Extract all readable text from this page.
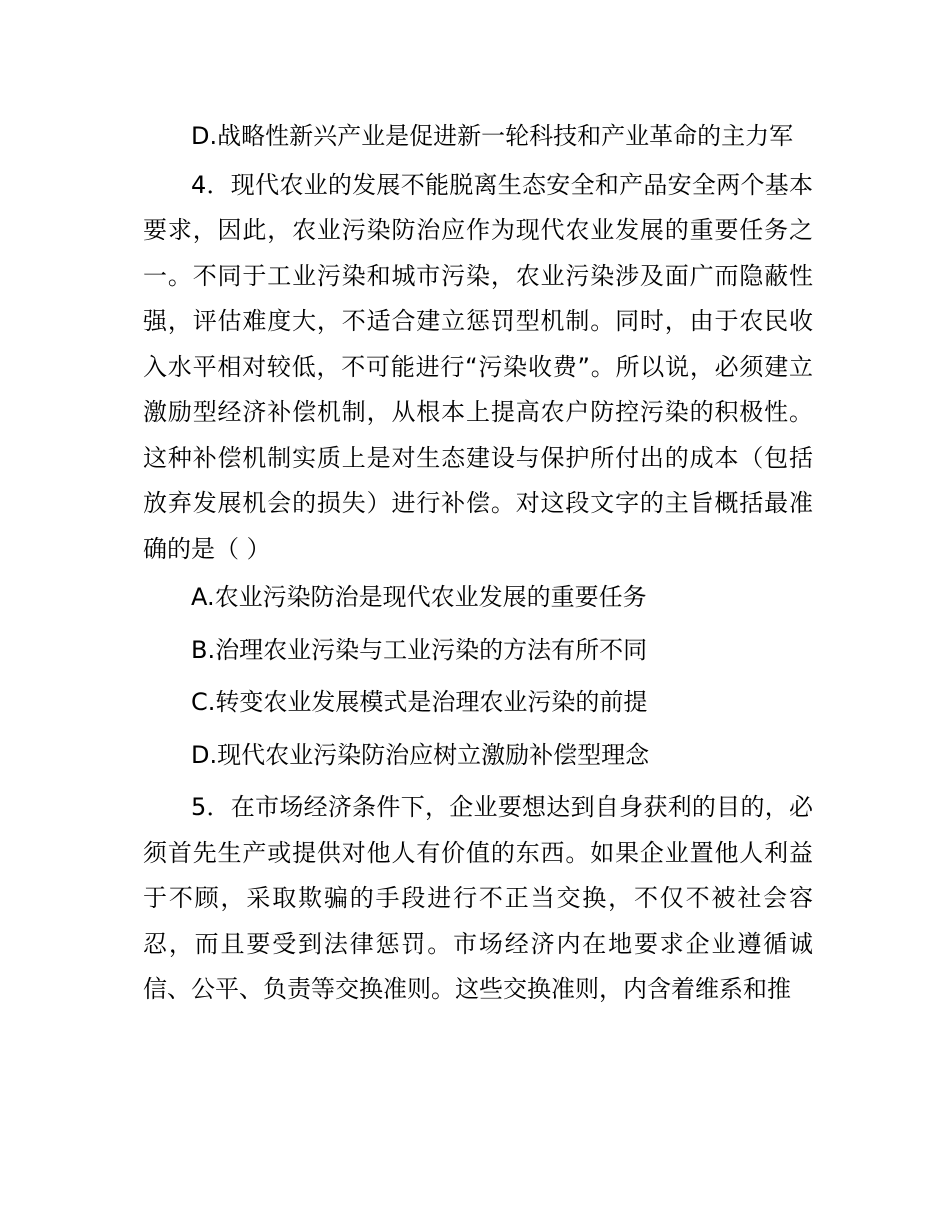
D.战略性新兴产业是促进新一轮科技和产业革命的主力军

4．现代农业的发展不能脱离生态安全和产品安全两个基本要求，因此，农业污染防治应作为现代农业发展的重要任务之一。不同于工业污染和城市污染，农业污染涉及面广而隐蔽性强，评估难度大，不适合建立惩罚型机制。同时，由于农民收入水平相对较低，不可能进行“污染收费”。所以说，必须建立激励型经济补偿机制，从根本上提高农户防控污染的积极性。这种补偿机制实质上是对生态建设与保护所付出的成本（包括放弃发展机会的损失）进行补偿。对这段文字的主旨概括最准确的是（ ）

A.农业污染防治是现代农业发展的重要任务

B.治理农业污染与工业污染的方法有所不同

C.转变农业发展模式是治理农业污染的前提

D.现代农业污染防治应树立激励补偿型理念

5．在市场经济条件下，企业要想达到自身获利的目的，必须首先生产或提供对他人有价值的东西。如果企业置他人利益于不顾，采取欺骗的手段进行不正当交换，不仅不被社会容忍，而且要受到法律惩罚。市场经济内在地要求企业遵循诚信、公平、负责等交换准则。这些交换准则，内含着维系和推
